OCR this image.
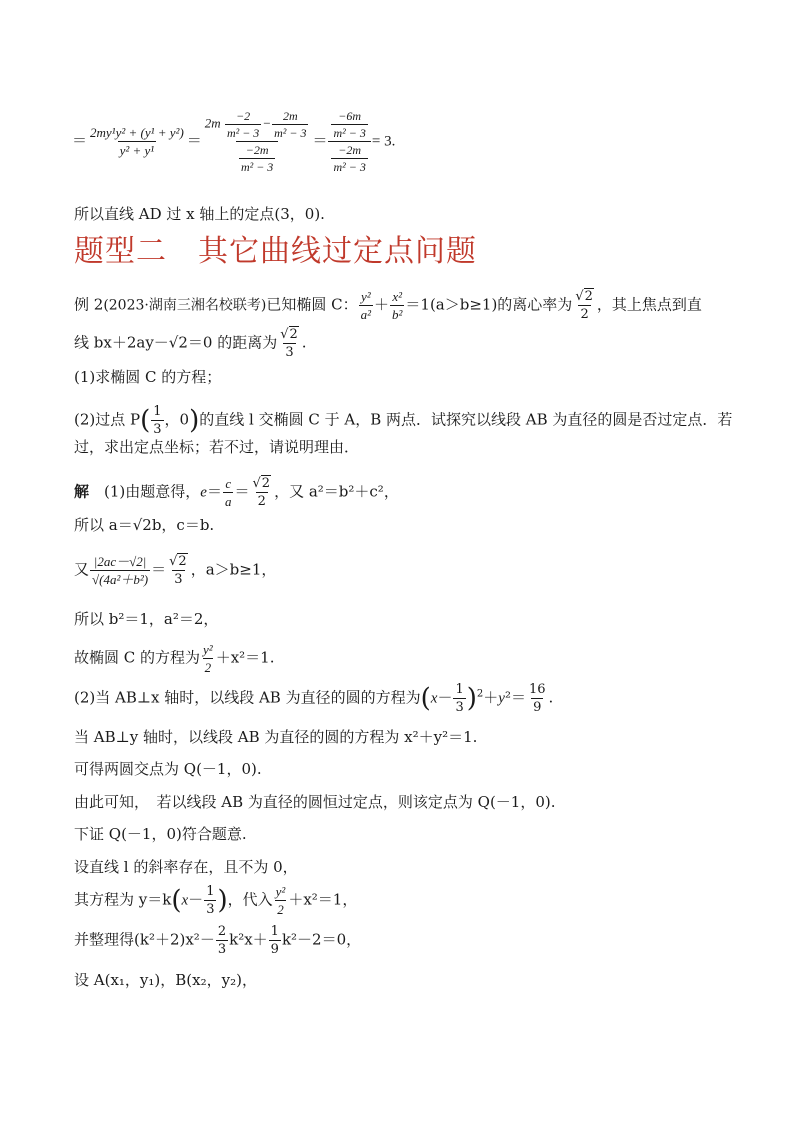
＝ $\frac{\text{2my¹y² + (y¹ + y²)}}{\text{y² + y¹}} = \frac{2m \frac{-2}{\text{m² − 3}} - \frac{2m}{\text{m² − 3}}}{\frac{-2m}{\text{m² − 3}}} = \frac{\frac{-6m}{\text{m² − 3}}}{\frac{-2m}{\text{m² − 3}}} = 3$.
所以直线 AD 过 x 轴上的定点(3，0).
题型二　其它曲线过定点问题
例 2(2023·湖南三湘名校联考)已知椭圆 C： $\frac{\text{y²}}{\text{a²}} + \frac{\text{x²}}{\text{b²}} =1(a>b\ge 1)$的离心率为 $\frac{√2}{2}$ ，其上焦点到直
线 bx＋2ay－√2＝0 的距离为 $\frac{√2}{3}$ .
(1)求椭圆 C 的方程；
(2)过点 $P( \frac{1}{3}$ ，0)的直线 l 交椭圆 C 于 A，B 两点．试探究以线段 AB 为直径的圆是否过定点．若
过，求出定点坐标；若不过，请说明理由．
解　 (1)由题意得，$e= \frac{c}{a} = \frac{√2}{2}$ ，又 a²＝b²＋c²，
所以 a＝√2b，c＝b.
又 $\frac{|2ac-√2|}{\text{√(4a²＋b²)}} = \frac{√2}{3}$ ，a＞b≥1，
所以 b²＝1，a²＝2，
故椭圆 C 的方程为 $\frac{\text{y²}}{2} +x^2=1$.
(2)当 AB⊥x 轴时，以线段 AB 为直径的圆的方程为$(x- \frac{1}{3} )^2+y^2= \frac{16}{9}$ .
当 AB⊥y 轴时，以线段 AB 为直径的圆的方程为 x²＋y²＝1.
可得两圆交点为 Q(－1，0).
由此可知，　若以线段 AB 为直径的圆恒过定点，则该定点为 Q(－1，0).
下证 Q(－1，0)符合题意.
设直线 l 的斜率存在，且不为 0，
其方程为 $y=k(x- \frac{1}{3}$ )，代入 $\frac{\text{y²}}{2} +x^2=1$，
并整理得$(k^2+2)x^2- \frac{2}{3} k^2x+ \frac{1}{9} k^2-2=0$，
设 A(x₁，y₁)，B(x₂，y₂)，
